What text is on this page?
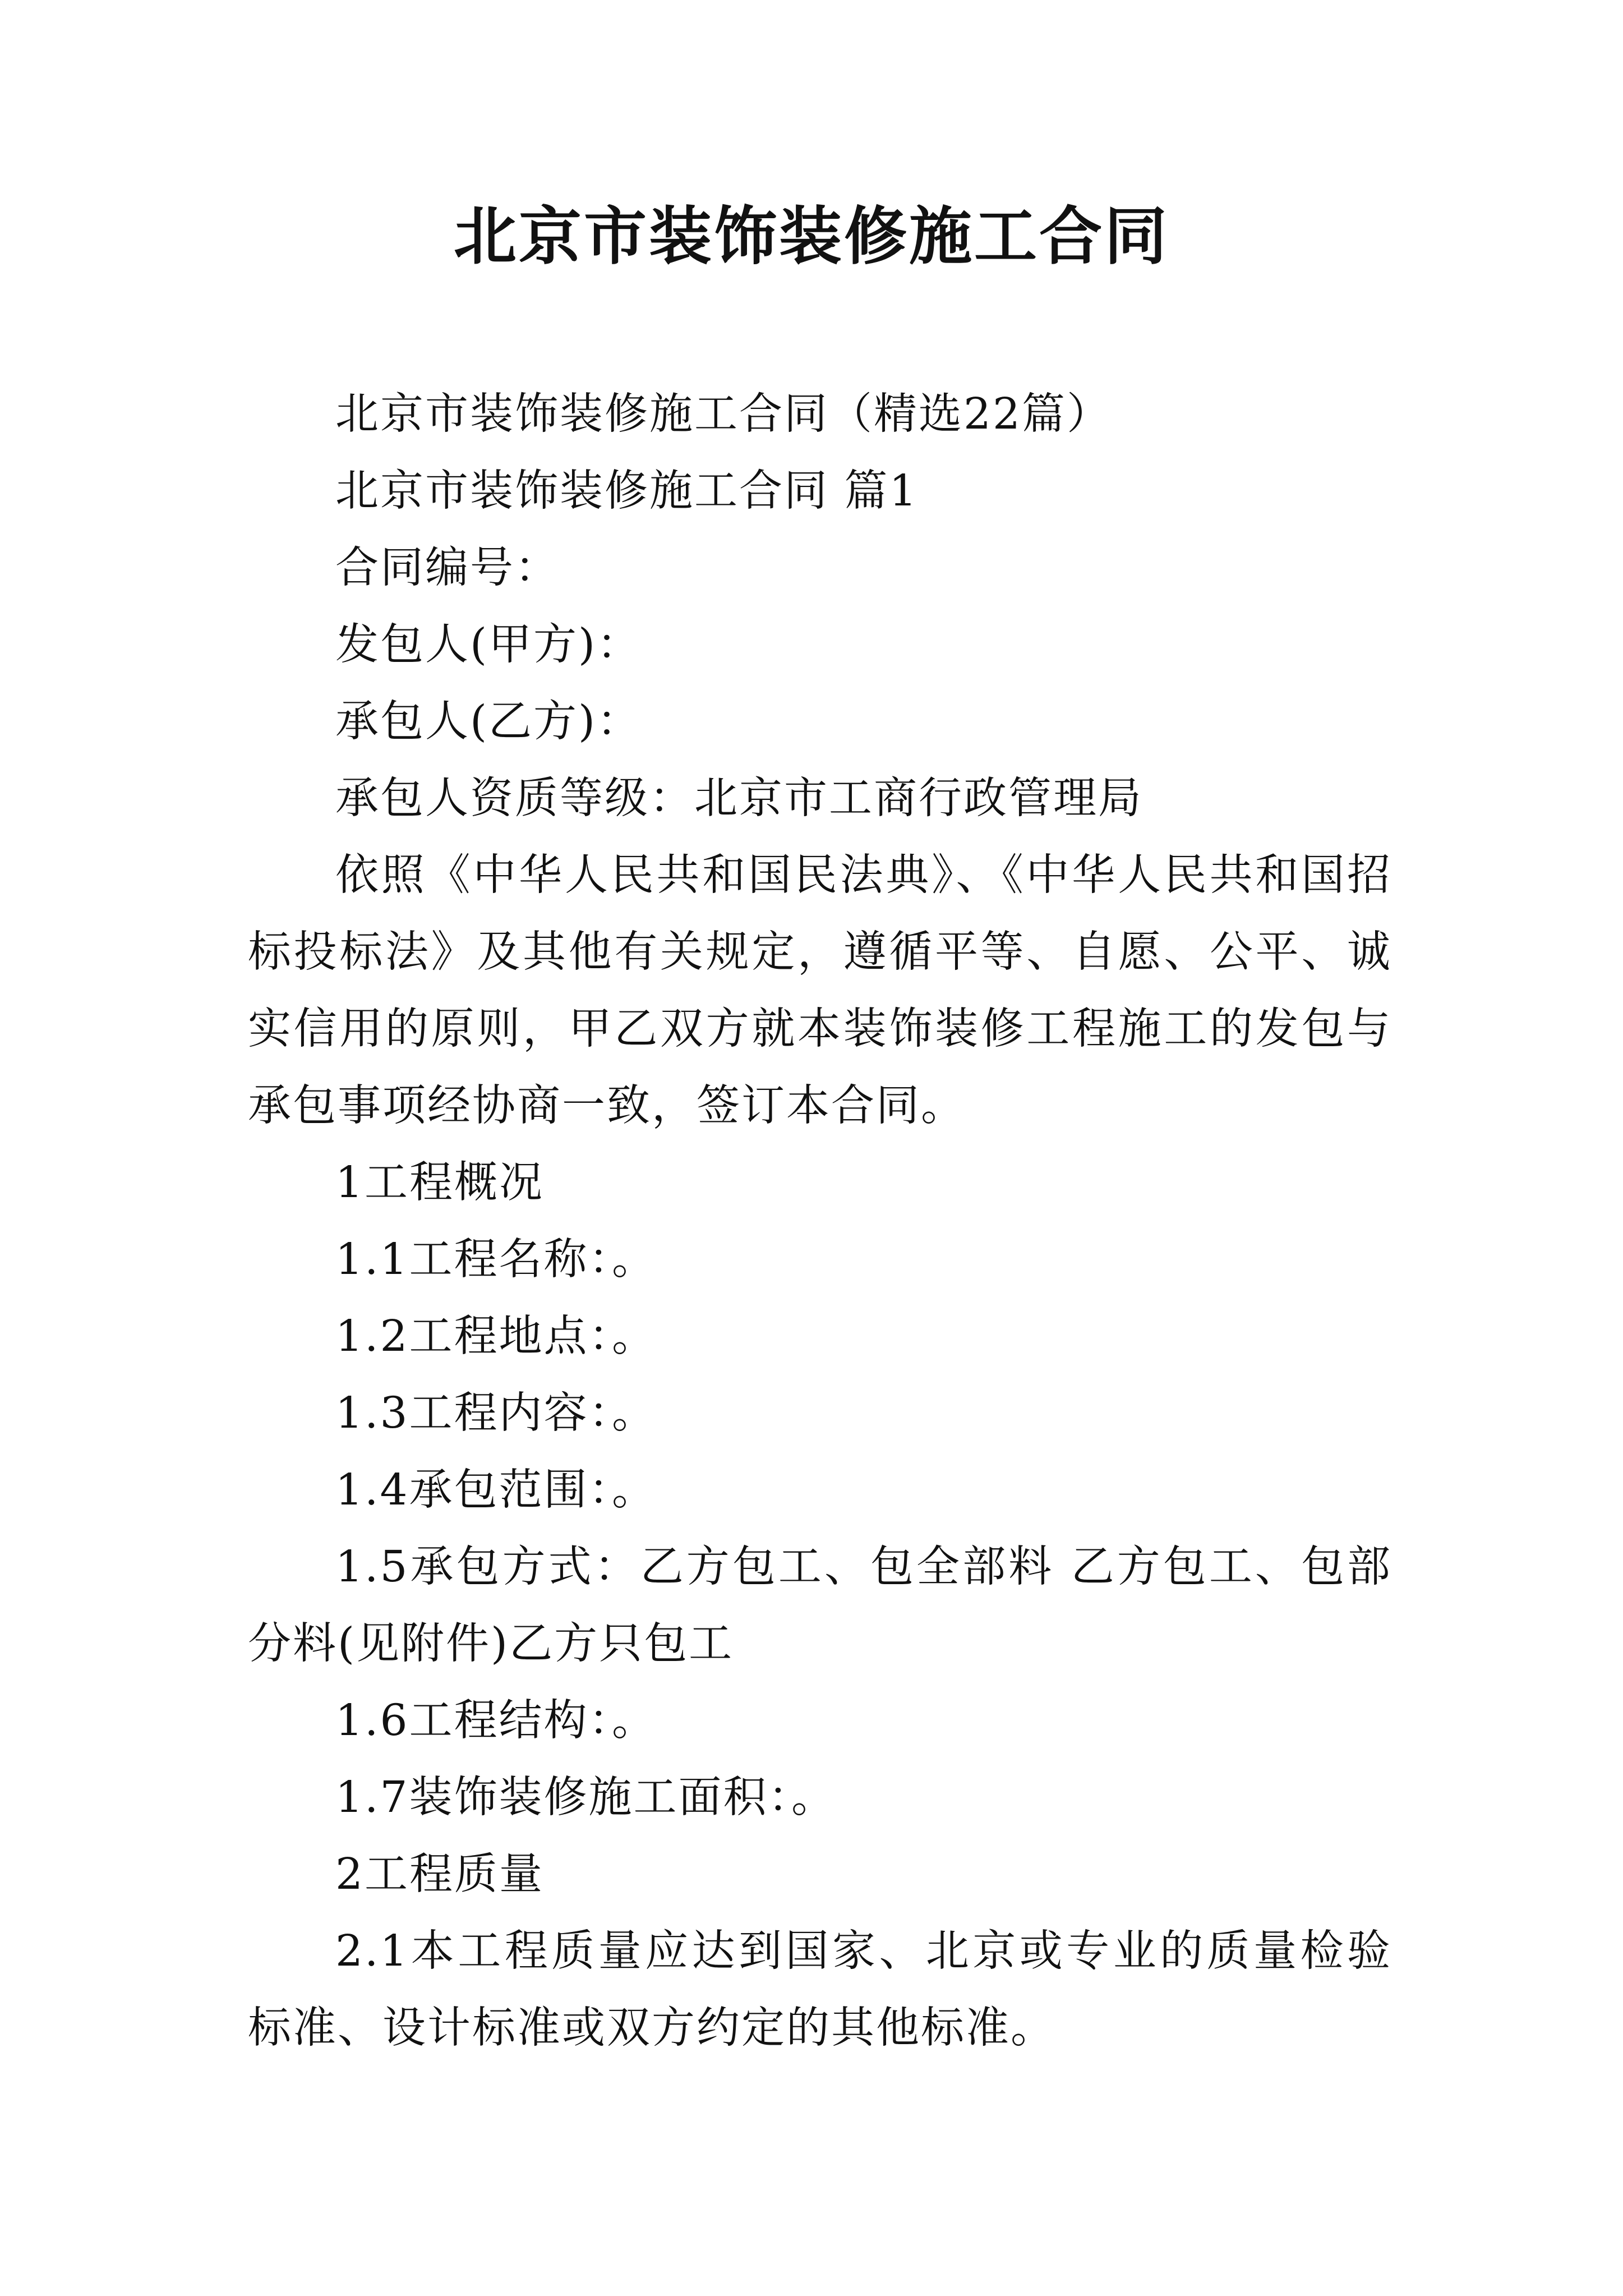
北京市装饰装修施工合同

北京市装饰装修施工合同（精选22篇）

北京市装饰装修施工合同 篇1

合同编号：

发包人(甲方)：

承包人(乙方)：

承包人资质等级：北京市工商行政管理局

依照《中华人民共和国民法典》、《中华人民共和国招标投标法》及其他有关规定，遵循平等、自愿、公平、诚实信用的原则，甲乙双方就本装饰装修工程施工的发包与承包事项经协商一致，签订本合同。

1工程概况

1.1工程名称：。

1.2工程地点：。

1.3工程内容：。

1.4承包范围：。

1.5承包方式：乙方包工、包全部料 乙方包工、包部分料(见附件)乙方只包工

1.6工程结构：。

1.7装饰装修施工面积：。

2工程质量

2.1本工程质量应达到国家、北京或专业的质量检验标准、设计标准或双方约定的其他标准。
